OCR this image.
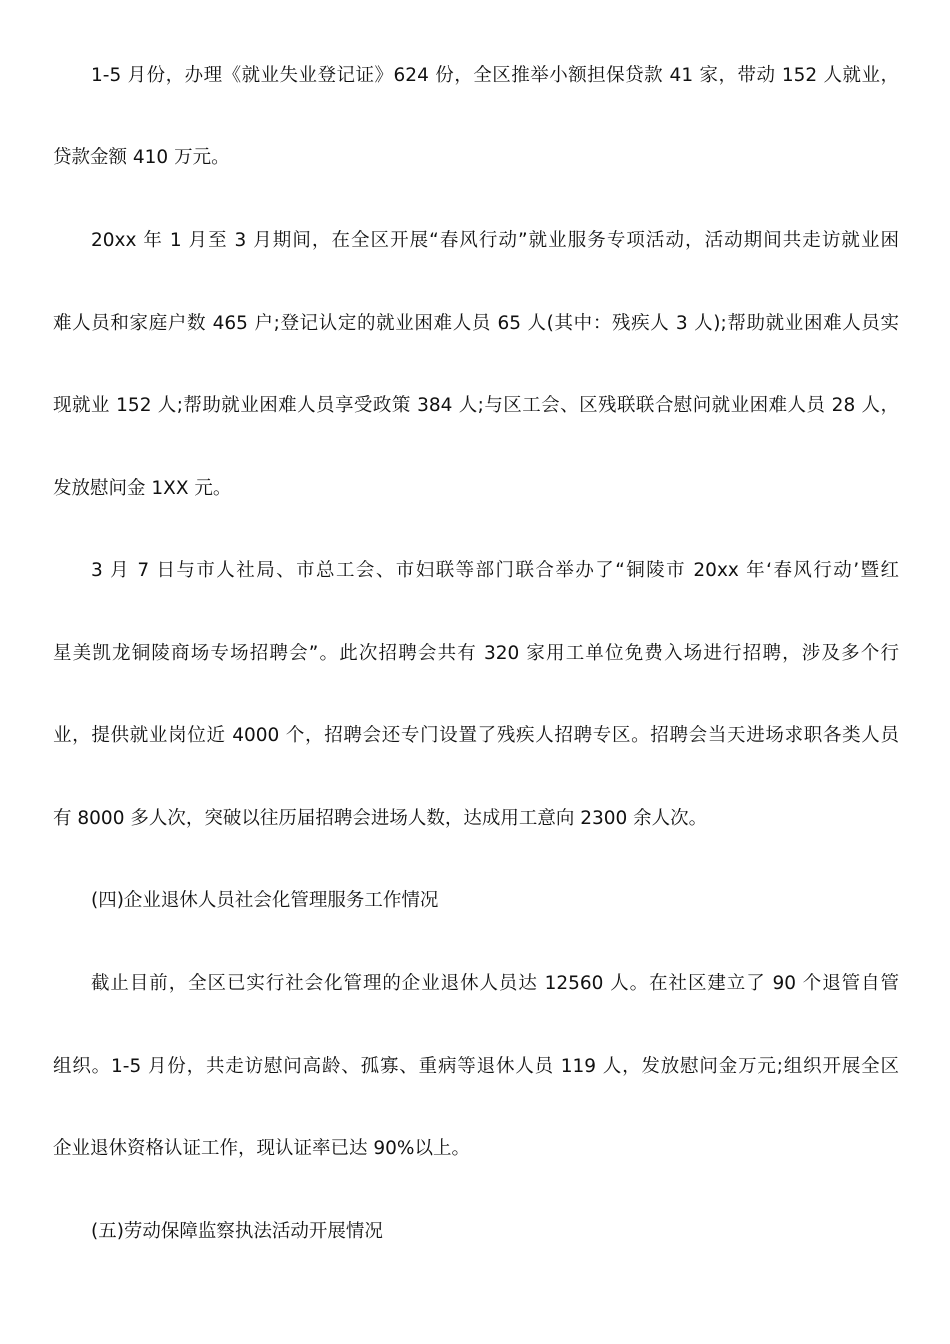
1-5 月份，办理《就业失业登记证》624 份，全区推举小额担保贷款 41 家，带动 152 人就业，
贷款金额 410 万元。
20xx 年 1 月至 3 月期间，在全区开展“春风行动”就业服务专项活动，活动期间共走访就业困
难人员和家庭户数 465 户;登记认定的就业困难人员 65 人(其中：残疾人 3 人);帮助就业困难人员实
现就业 152 人;帮助就业困难人员享受政策 384 人;与区工会、区残联联合慰问就业困难人员 28 人，
发放慰问金 1XX 元。
3 月 7 日与市人社局、市总工会、市妇联等部门联合举办了“铜陵市 20xx 年‘春风行动’暨红
星美凯龙铜陵商场专场招聘会”。此次招聘会共有 320 家用工单位免费入场进行招聘，涉及多个行
业，提供就业岗位近 4000 个，招聘会还专门设置了残疾人招聘专区。招聘会当天进场求职各类人员
有 8000 多人次，突破以往历届招聘会进场人数，达成用工意向 2300 余人次。
(四)企业退休人员社会化管理服务工作情况
截止目前，全区已实行社会化管理的企业退休人员达 12560 人。在社区建立了 90 个退管自管
组织。1-5 月份，共走访慰问高龄、孤寡、重病等退休人员 119 人，发放慰问金万元;组织开展全区
企业退休资格认证工作，现认证率已达 90%以上。
(五)劳动保障监察执法活动开展情况
